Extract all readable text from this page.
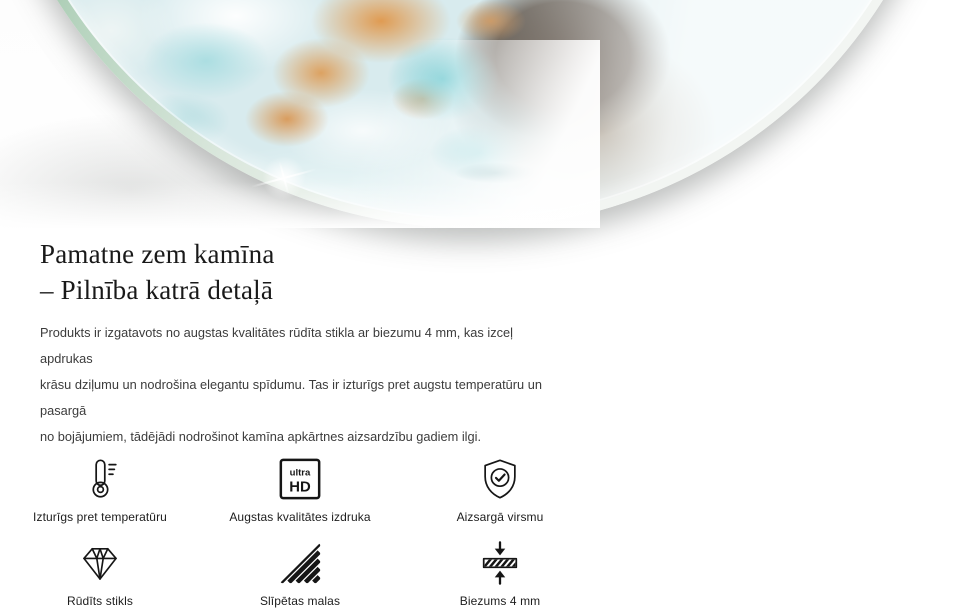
Pamatne zem kamīna
– Pilnība katrā detaļā
Produkts ir izgatavots no augstas kvalitātes rūdīta stikla ar biezumu 4 mm, kas izceļ apdrukas
krāsu dziļumu un nodrošina elegantu spīdumu. Tas ir izturīgs pret augstu temperatūru un pasargā
no bojājumiem, tādējādi nodrošinot kamīna apkārtnes aizsardzību gadiem ilgi.
Izturīgs pret temperatūru
ultra
HD
Augstas kvalitātes izdruka	Aizsargā virsmu
Rūdīts stikls	Slīpētas malas	Biezums 4 mm
